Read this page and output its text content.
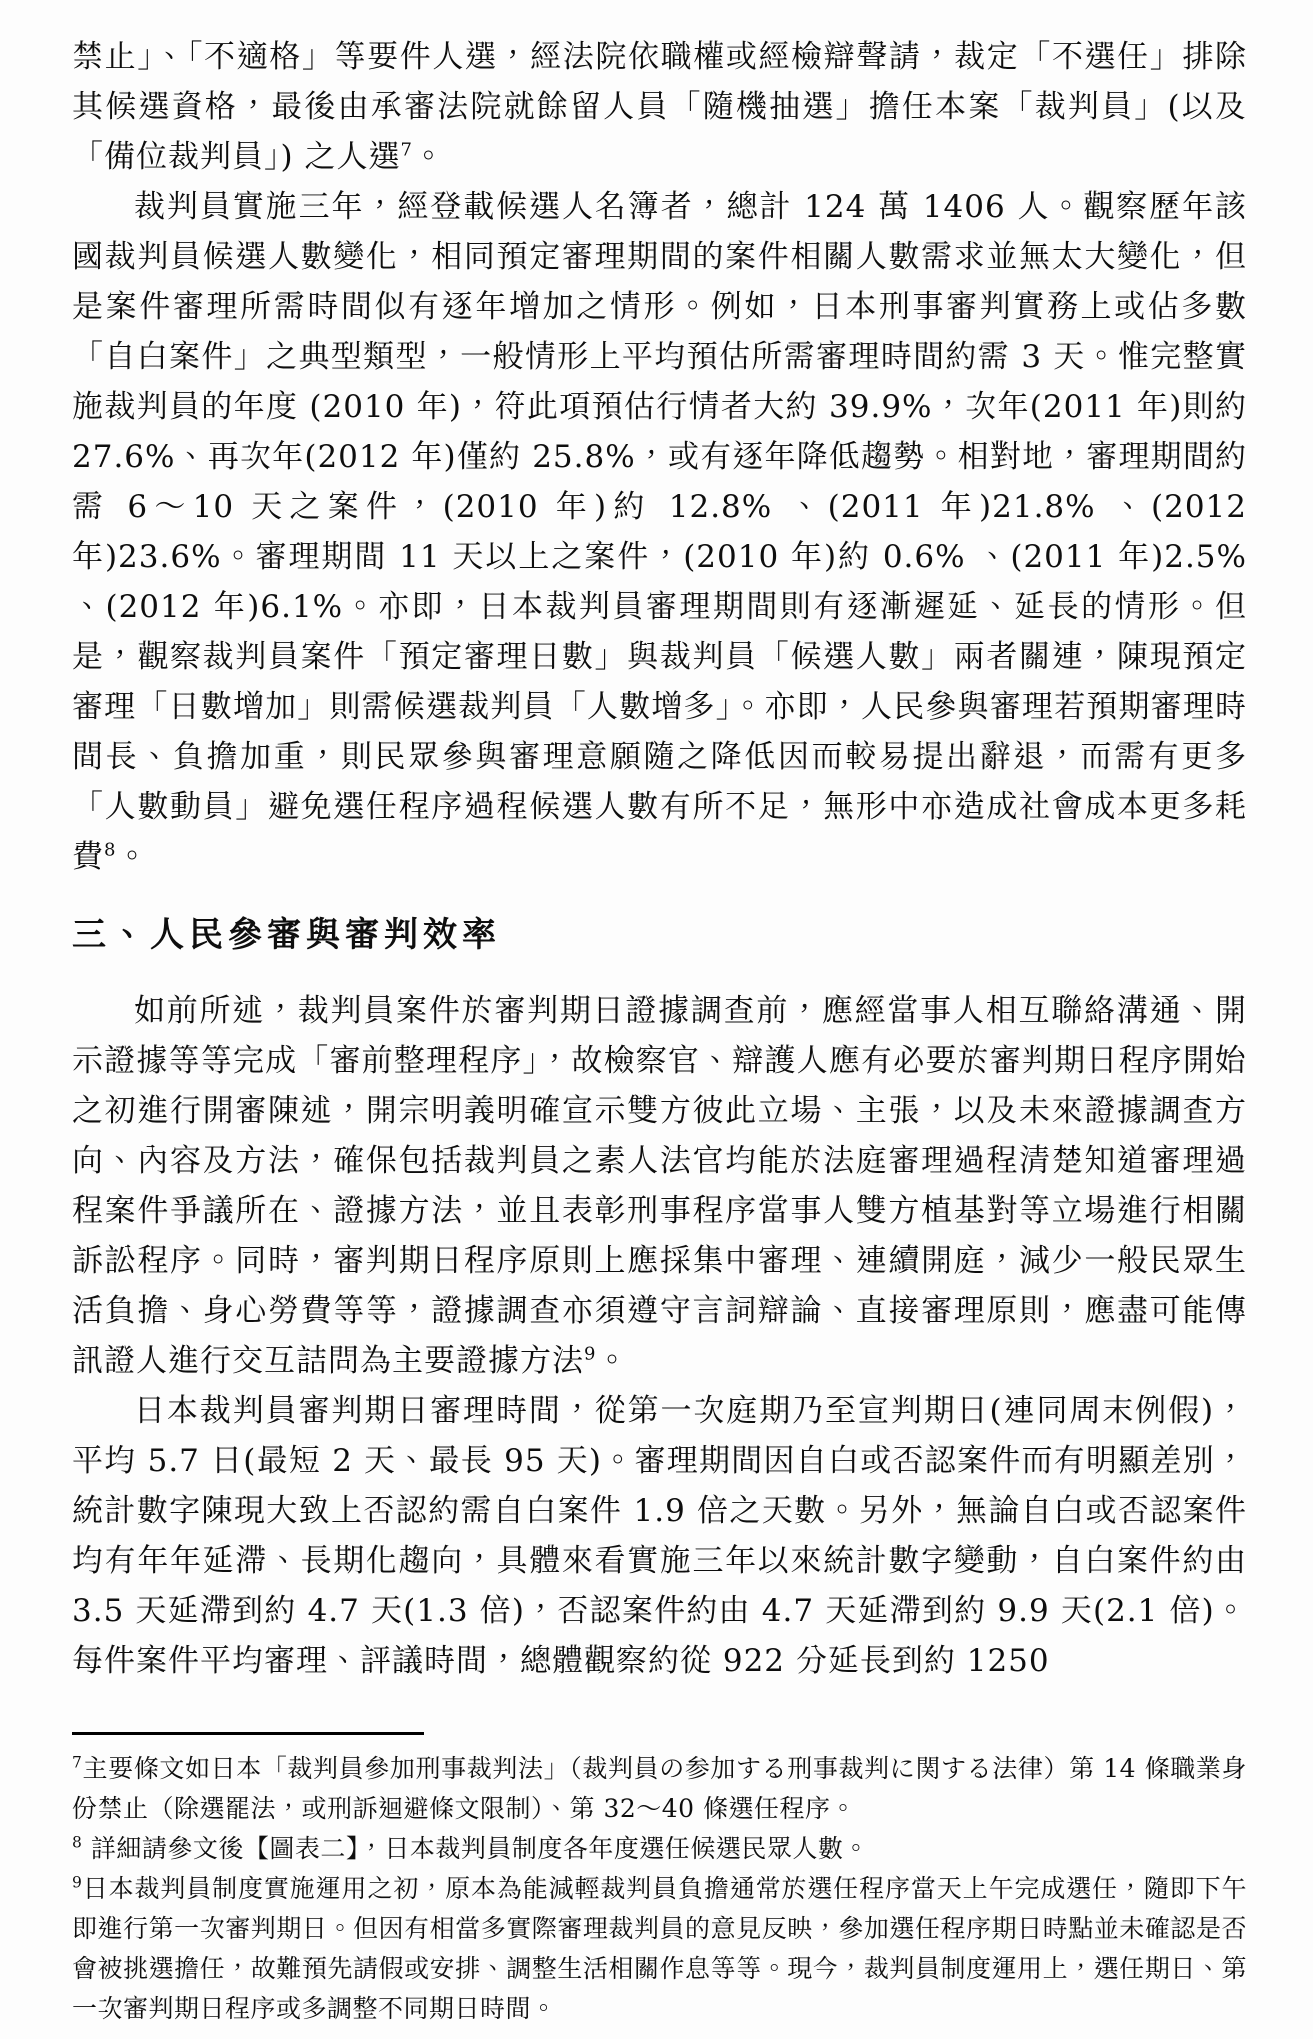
禁止」、「不適格」等要件人選，經法院依職權或經檢辯聲請，裁定「不選任」排除其候選資格，最後由承審法院就餘留人員「隨機抽選」擔任本案「裁判員」(以及「備位裁判員」) 之人選$^7$。

裁判員實施三年，經登載候選人名簿者，總計 124 萬 1406 人。觀察歷年該國裁判員候選人數變化，相同預定審理期間的案件相關人數需求並無太大變化，但是案件審理所需時間似有逐年增加之情形。例如，日本刑事審判實務上或佔多數「自白案件」之典型類型，一般情形上平均預估所需審理時間約需 3 天。惟完整實施裁判員的年度 (2010 年)，符此項預估行情者大約 39.9%，次年(2011 年)則約 27.6%、再次年(2012 年)僅約 25.8%，或有逐年降低趨勢。相對地，審理期間約需 6～10 天之案件，(2010 年)約 12.8% 、(2011 年)21.8% 、(2012 年)23.6%。審理期間 11 天以上之案件，(2010 年)約 0.6% 、(2011 年)2.5% 、(2012 年)6.1%。亦即，日本裁判員審理期間則有逐漸遲延、延長的情形。但是，觀察裁判員案件「預定審理日數」與裁判員「候選人數」兩者關連，陳現預定審理「日數增加」則需候選裁判員「人數增多」。亦即，人民參與審理若預期審理時間長、負擔加重，則民眾參與審理意願隨之降低因而較易提出辭退，而需有更多「人數動員」避免選任程序過程候選人數有所不足，無形中亦造成社會成本更多耗費$^8$。

三、人民參審與審判效率

如前所述，裁判員案件於審判期日證據調查前，應經當事人相互聯絡溝通、開示證據等等完成「審前整理程序」，故檢察官、辯護人應有必要於審判期日程序開始之初進行開審陳述，開宗明義明確宣示雙方彼此立場、主張，以及未來證據調查方向、內容及方法，確保包括裁判員之素人法官均能於法庭審理過程清楚知道審理過程案件爭議所在、證據方法，並且表彰刑事程序當事人雙方植基對等立場進行相關訴訟程序。同時，審判期日程序原則上應採集中審理、連續開庭，減少一般民眾生活負擔、身心勞費等等，證據調查亦須遵守言詞辯論、直接審理原則，應盡可能傳訊證人進行交互詰問為主要證據方法$^9$。

日本裁判員審判期日審理時間，從第一次庭期乃至宣判期日(連同周末例假)，平均 5.7 日(最短 2 天、最長 95 天)。審理期間因自白或否認案件而有明顯差別，統計數字陳現大致上否認約需自白案件 1.9 倍之天數。另外，無論自白或否認案件均有年年延滯、長期化趨向，具體來看實施三年以來統計數字變動，自白案件約由 3.5 天延滯到約 4.7 天(1.3 倍)，否認案件約由 4.7 天延滯到約 9.9 天(2.1 倍)。每件案件平均審理、評議時間，總體觀察約從 922 分延長到約 1250

$^7$主要條文如日本「裁判員參加刑事裁判法」（裁判員の参加する刑事裁判に関する法律）第 14 條職業身份禁止（除選罷法，或刑訴迴避條文限制）、第 32～40 條選任程序。

$^8$ 詳細請參文後【圖表二】，日本裁判員制度各年度選任候選民眾人數。

$^9$日本裁判員制度實施運用之初，原本為能減輕裁判員負擔通常於選任程序當天上午完成選任，隨即下午即進行第一次審判期日。但因有相當多實際審理裁判員的意見反映，參加選任程序期日時點並未確認是否會被挑選擔任，故難預先請假或安排、調整生活相關作息等等。現今，裁判員制度運用上，選任期日、第一次審判期日程序或多調整不同期日時間。
